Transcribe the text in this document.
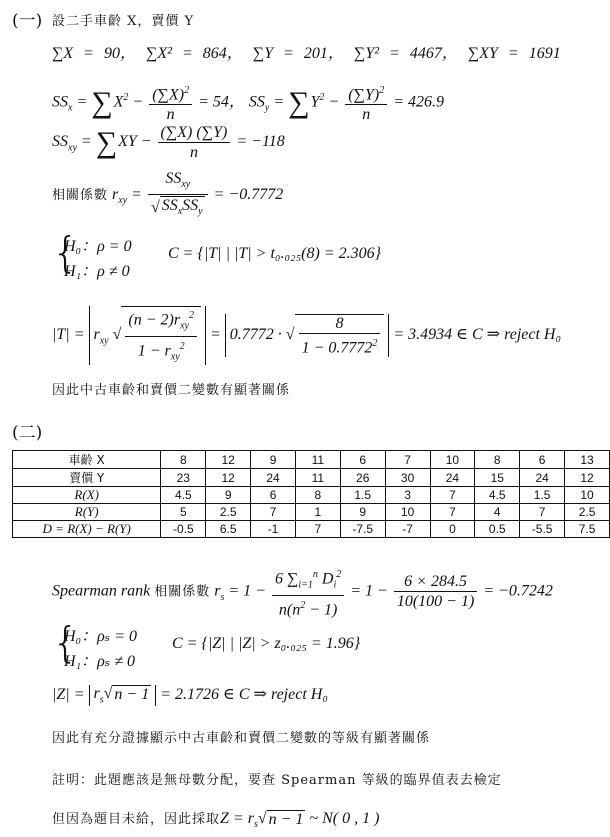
(一) 設二手車齡 X，賣價 Y
∑X = 90， ∑X² = 864， ∑Y = 201， ∑Y² = 4467， ∑XY = 1691
$SS_x = \sum X^2 - \frac{(\sum X)^2}{n} = 54$， $SS_y = \sum Y^2 - \frac{(\sum Y)^2}{n} = 426.9$
$SS_{xy} = \sum XY - \frac{(\sum X) (\sum Y)}{n} = -118$
相關係數 $r_{xy} = \frac{SS_{xy}}{√ SS_xSS_y} = -0.7772$
{
H₀：ρ = 0
H₁：ρ ≠ 0
C = {|T| | |T| > t₀.₀₂₅(8) = 2.306}
$|T| = r_{xy}$ √ $\frac{(n - 2)r_{xy}^2}{1 - r_{xy}^2} = 0.7772$ · √ $\frac{8}{1 - 0.7772^2} = 3.4934$ ∈ C ⇒ reject H₀
因此中古車齡和賣價二變數有顯著關係
(二)
車齡 X	8	12	9	11	6	7	10	8	6	13
賣價 Y	23	12	24	11	26	30	24	15	24	12
R(X)	4.5	9	6	8	1.5	3	7	4.5	1.5	10
R(Y)	5	2.5	7	1	9	10	7	4	7	2.5
D = R(X) − R(Y)	-0.5	6.5	-1	7	-7.5	-7	0	0.5	-5.5	7.5
Spearman rank 相關係數 $r_s = 1 - \frac{6 \sum_{i=1}^n D_i^2}{n(n^2 - 1)} = 1 - \frac{6 \times 284.5}{10(100 - 1)} = -0.7242$
{
H₀：ρₛ = 0
H₁：ρₛ ≠ 0
C = {|Z| | |Z| > z₀.₀₂₅ = 1.96}
$|Z| = r_s√$ n − 1 = 2.1726 ∈ C ⇒ reject H₀
因此有充分證據顯示中古車齡和賣價二變數的等級有顯著關係
註明：此題應該是無母數分配，要查 Spearman 等級的臨界值表去檢定
但因為題目未給，因此採取$Z = r_s√$ n − 1 ~ N( 0 , 1 )
